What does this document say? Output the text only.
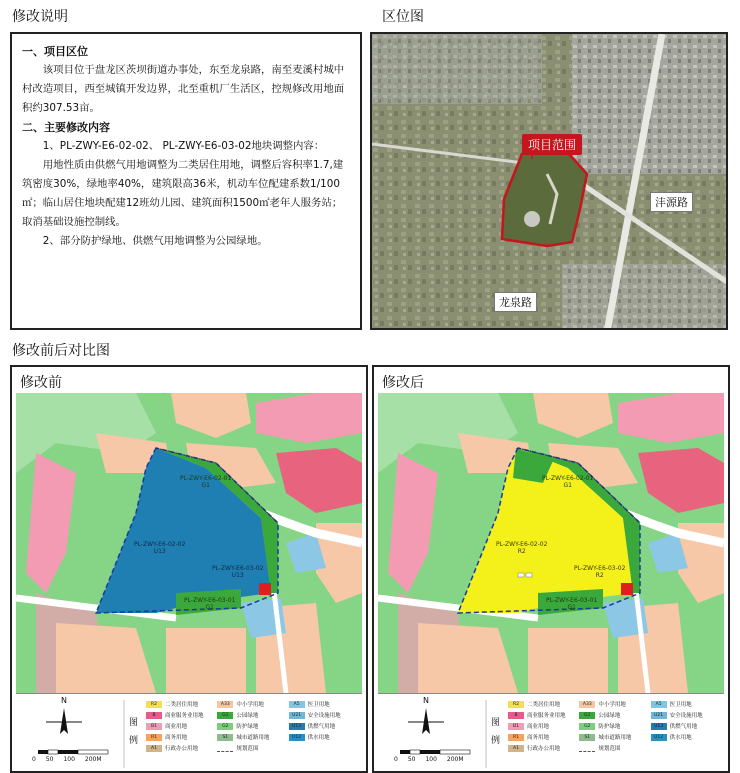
修改说明	区位图
修改前后对比图
一、项目区位
该项目位于盘龙区茨坝街道办事处，东至龙泉路，南至麦溪村城中村改造项目，西至城镇开发边界，北至重机厂生活区，控规修改用地面积约307.53亩。
二、主要修改内容
1、PL-ZWY-E6-02-02、 PL-ZWY-E6-03-02地块调整内容：
用地性质由供燃气用地调整为二类居住用地，调整后容积率1.7,建筑密度30%，绿地率40%，建筑限高36米，机动车位配建系数1/100㎡；临山居住地块配建12班幼儿园、建筑面积1500㎡老年人服务站；取消基础设施控制线。
2、部分防护绿地、供燃气用地调整为公园绿地。
项目范围
沣源路
龙泉路
修改前
PL-ZWY-E6-02-01
G1
PL-ZWY-E6-02-02
U13
PL-ZWY-E6-03-02
U13
PL-ZWY-E6-03-01
G1
N
0 50 100 200M
图例
R2	二类居住用地	A33	中小学用地	A5	医卫用地
B	商业服务业用地	G1	公园绿地	U21	安全设施用地
B1	商业用地	G2	防护绿地	U13	供燃气用地
R1	商务用地	S1	城市道路用地	U12	供水用地
A1	行政办公用地	规划范围
修改后
PL-ZWY-E6-02-01
G1
PL-ZWY-E6-02-02
R2
PL-ZWY-E6-03-02
R2
PL-ZWY-E6-03-01
G1
N
0 50 100 200M
图例
R2	二类居住用地	A33	中小学用地	A5	医卫用地
B	商业服务业用地	G1	公园绿地	U21	安全设施用地
B1	商业用地	G2	防护绿地	U13	供燃气用地
R1	商务用地	S1	城市道路用地	U12	供水用地
A1	行政办公用地	规划范围
